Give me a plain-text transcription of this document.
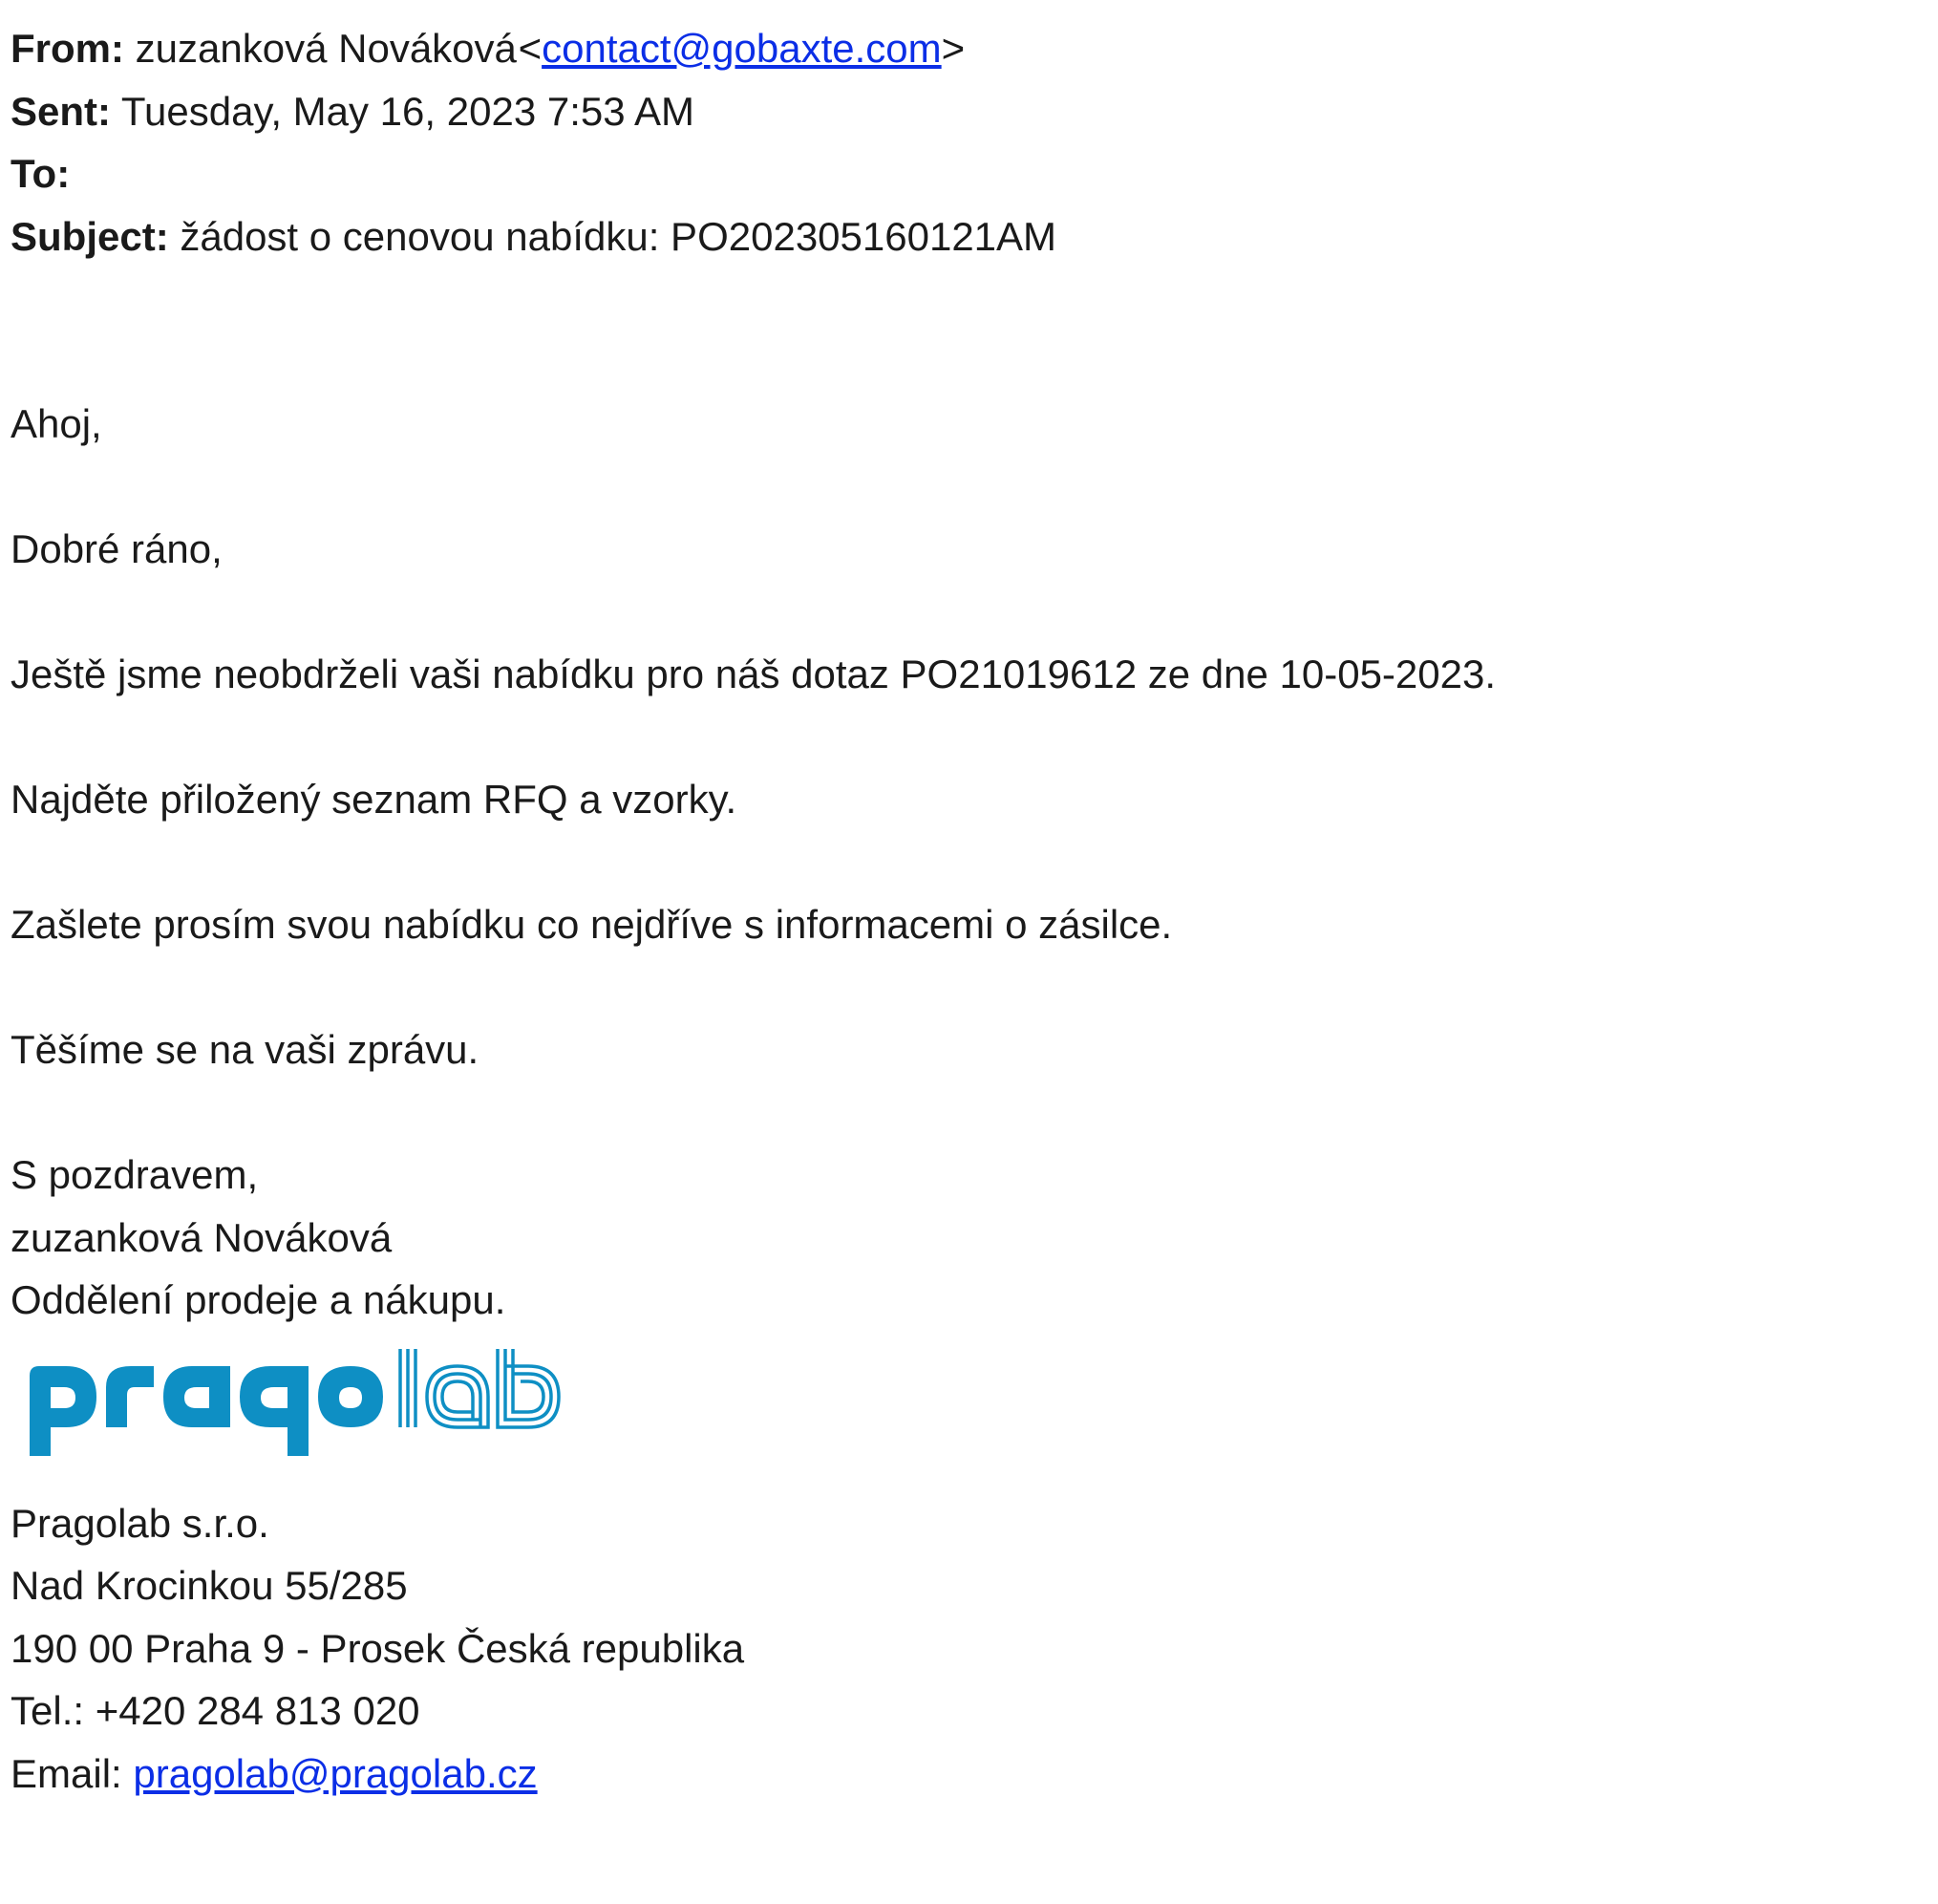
From: zuzanková Nováková <contact@gobaxte.com>
Sent: Tuesday, May 16, 2023 7:53 AM
To:
Subject: žádost o cenovou nabídku: PO202305160121AM
Ahoj,
Dobré ráno,
Ještě jsme neobdrželi vaši nabídku pro náš dotaz PO21019612 ze dne 10-05-2023.
Najděte přiložený seznam RFQ a vzorky.
Zašlete prosím svou nabídku co nejdříve s informacemi o zásilce.
Těšíme se na vaši zprávu.
S pozdravem,
zuzanková Nováková
Oddělení prodeje a nákupu.
Pragolab s.r.o.
Nad Krocinkou 55/285
190 00 Praha 9 - Prosek Česká republika
Tel.: +420 284 813 020
Email: pragolab@pragolab.cz
